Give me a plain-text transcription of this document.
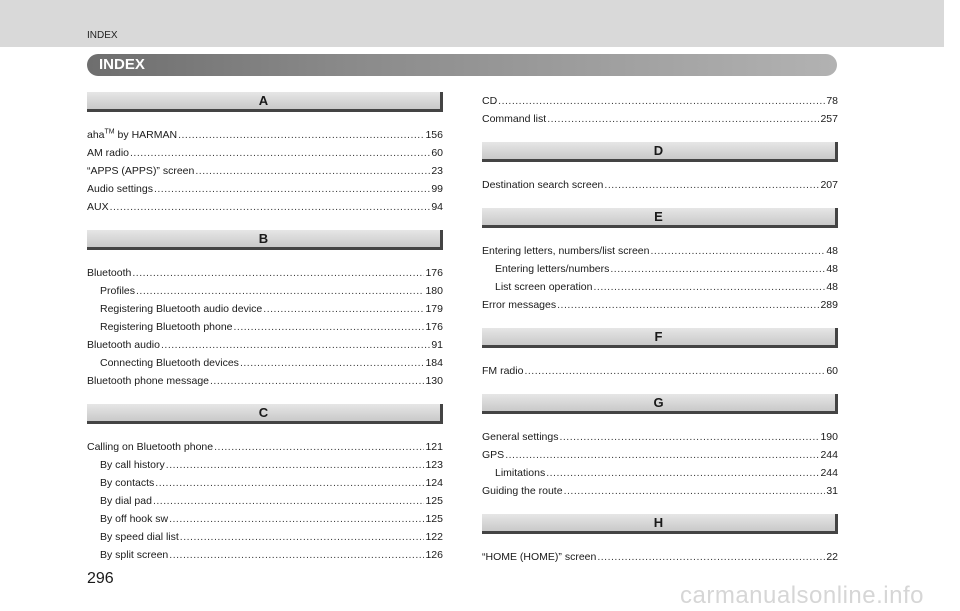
INDEX
INDEX
A
aha™ by HARMAN .....	156
AM radio .....	60
“APPS (APPS)” screen .....	23
Audio settings .....	99
AUX .....	94
B
Bluetooth .....	176
Profiles .....	180
Registering Bluetooth audio device .....	179
Registering Bluetooth phone .....	176
Bluetooth audio .....	91
Connecting Bluetooth devices .....	184
Bluetooth phone message .....	130
C
Calling on Bluetooth phone .....	121
By call history .....	123
By contacts .....	124
By dial pad .....	125
By off hook sw .....	125
By speed dial list .....	122
By split screen .....	126
CD .....	78
Command list .....	257
D
Destination search screen .....	207
E
Entering letters, numbers/list screen .....	48
Entering letters/numbers .....	48
List screen operation .....	48
Error messages .....	289
F
FM radio .....	60
G
General settings .....	190
GPS .....	244
Limitations .....	244
Guiding the route .....	31
H
“HOME (HOME)” screen .....	22
296
carmanualsonline.info
